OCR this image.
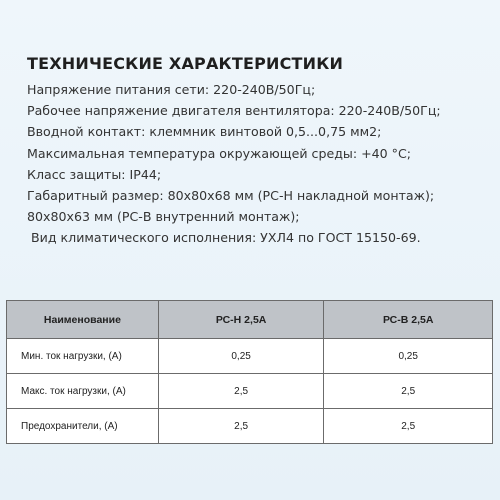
ТЕХНИЧЕСКИЕ ХАРАКТЕРИСТИКИ
Напряжение питания сети: 220-240В/50Гц;
Рабочее напряжение двигателя вентилятора: 220-240В/50Гц;
Вводной контакт: клеммник винтовой 0,5...0,75 мм2;
Максимальная температура окружающей среды: +40 °С;
Класс защиты: IP44;
Габаритный размер: 80х80х68 мм (РС-Н накладной монтаж);
80х80х63 мм (РС-В внутренний монтаж);
Вид климатического исполнения: УХЛ4 по ГОСТ 15150-69.
Наименование	РС-Н 2,5А	РС-В 2,5А
Мин. ток нагрузки, (А)	0,25	0,25
Макс. ток нагрузки, (А)	2,5	2,5
Предохранители, (А)	2,5	2,5
